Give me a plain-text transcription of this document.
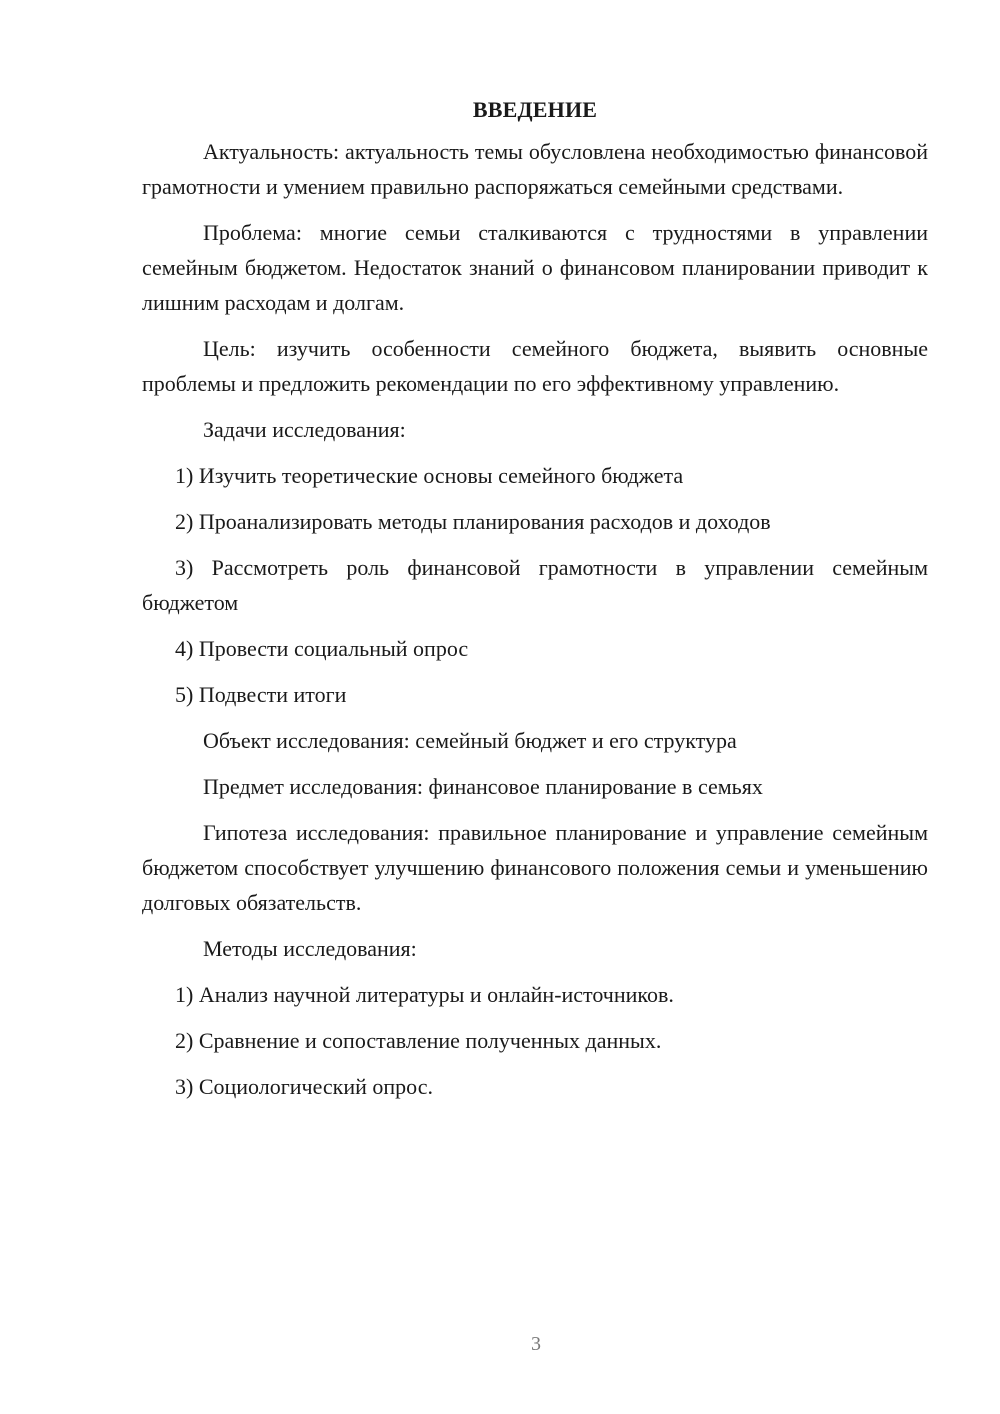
ВВЕДЕНИЕ

Актуальность: актуальность темы обусловлена необходимостью финансовой грамотности и умением правильно распоряжаться семейными средствами.

Проблема: многие семьи сталкиваются с трудностями в управлении семейным бюджетом. Недостаток знаний о финансовом планировании приводит к лишним расходам и долгам.

Цель: изучить особенности семейного бюджета, выявить основные проблемы и предложить рекомендации по его эффективному управлению.

Задачи исследования:

1) Изучить теоретические основы семейного бюджета

2) Проанализировать методы планирования расходов и доходов

3) Рассмотреть роль финансовой грамотности в управлении семейным бюджетом

4) Провести социальный опрос

5) Подвести итоги

Объект исследования: семейный бюджет и его структура

Предмет исследования: финансовое планирование в семьях

Гипотеза исследования: правильное планирование и управление семейным бюджетом способствует улучшению финансового положения семьи и уменьшению долговых обязательств.

Методы исследования:

1) Анализ научной литературы и онлайн-источников.

2) Сравнение и сопоставление полученных данных.

3) Социологический опрос.

3
